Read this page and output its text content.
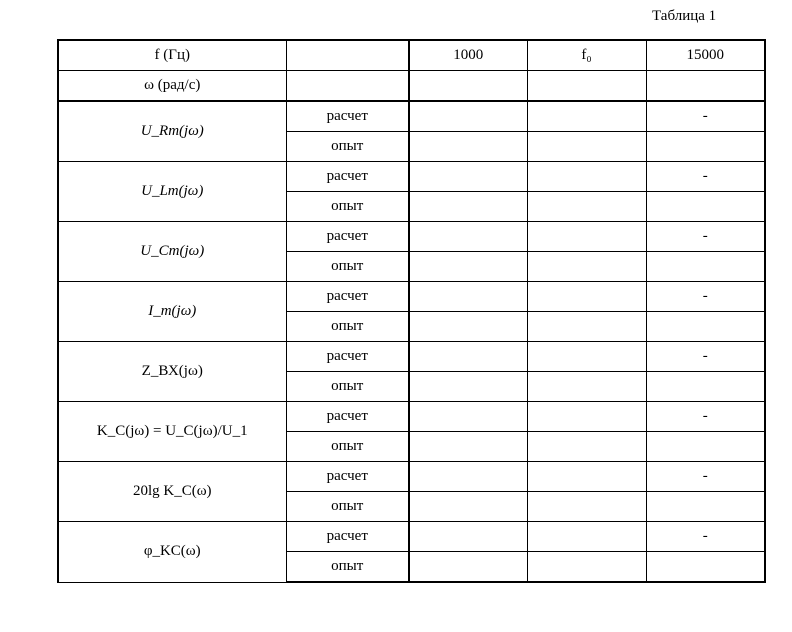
Таблица 1
f (Гц)		1000	f₀	15000
ω (рад/с)				
U_Rm(jω)	расчет			-
	опыт			
U_Lm(jω)	расчет			-
	опыт			
U_Cm(jω)	расчет			-
	опыт			
I_m(jω)	расчет			-
	опыт			
Z_ВХ(jω)	расчет			-
	опыт			
K_C(jω) = U_C(jω)/U_1	расчет			-
	опыт			
20lg K_C(ω)	расчет			-
	опыт			
φ_KC(ω)	расчет			-
	опыт			
